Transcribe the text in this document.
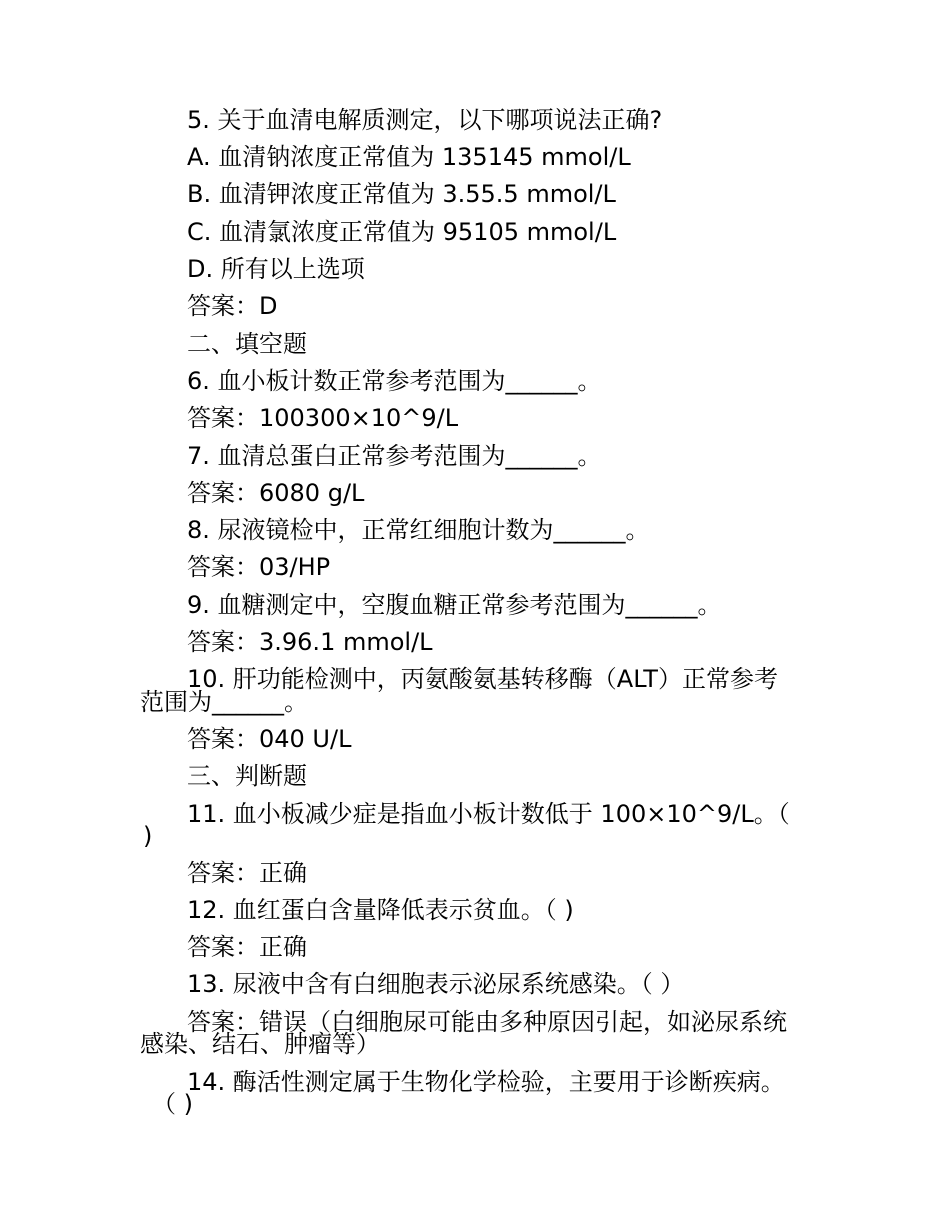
5. 关于血清电解质测定，以下哪项说法正确?
A. 血清钠浓度正常值为 135145 mmol/L
B. 血清钾浓度正常值为 3.55.5 mmol/L
C. 血清氯浓度正常值为 95105 mmol/L
D. 所有以上选项
答案：D
二、填空题
6. 血小板计数正常参考范围为______。
答案：100300×10^9/L
7. 血清总蛋白正常参考范围为______。
答案：6080 g/L
8. 尿液镜检中，正常红细胞计数为______。
答案：03/HP
9. 血糖测定中，空腹血糖正常参考范围为______。
答案：3.96.1 mmol/L
10. 肝功能检测中，丙氨酸氨基转移酶（ALT）正常参考
范围为______。
答案：040 U/L
三、判断题
11. 血小板减少症是指血小板计数低于 100×10^9/L。（
)
答案：正确
12. 血红蛋白含量降低表示贫血。（ )
答案：正确
13. 尿液中含有白细胞表示泌尿系统感染。（ ）
答案：错误（白细胞尿可能由多种原因引起，如泌尿系统
感染、结石、肿瘤等）
14. 酶活性测定属于生物化学检验，主要用于诊断疾病。
（ )
